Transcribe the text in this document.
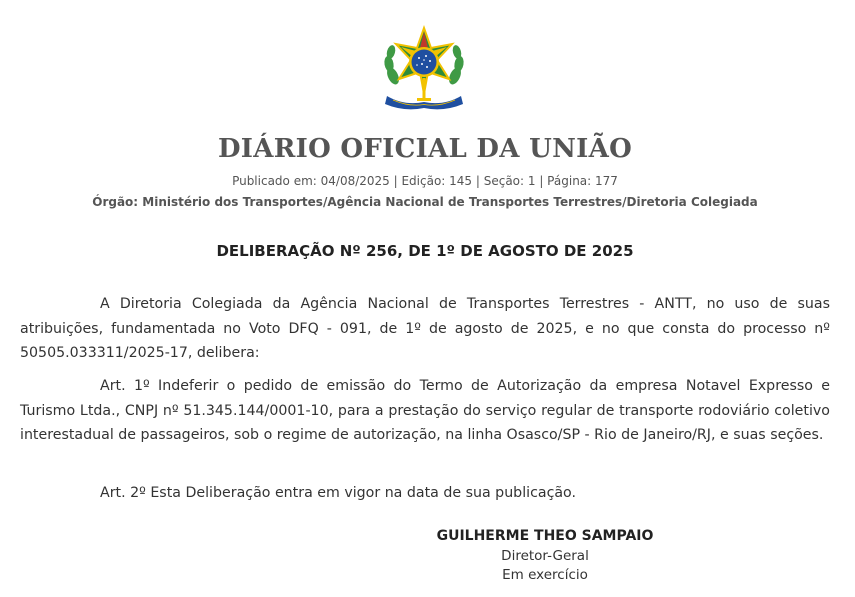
DIÁRIO OFICIAL DA UNIÃO
Publicado em: 04/08/2025 | Edição: 145 | Seção: 1 | Página: 177
Órgão: Ministério dos Transportes/Agência Nacional de Transportes Terrestres/Diretoria Colegiada
DELIBERAÇÃO Nº 256, DE 1º DE AGOSTO DE 2025

A Diretoria Colegiada da Agência Nacional de Transportes Terrestres - ANTT, no uso de suas atribuições, fundamentada no Voto DFQ - 091, de 1º de agosto de 2025, e no que consta do processo nº 50505.033311/2025-17, delibera:

Art. 1º Indeferir o pedido de emissão do Termo de Autorização da empresa Notavel Expresso e Turismo Ltda., CNPJ nº 51.345.144/0001-10, para a prestação do serviço regular de transporte rodoviário coletivo interestadual de passageiros, sob o regime de autorização, na linha Osasco/SP - Rio de Janeiro/RJ, e suas seções.

Art. 2º Esta Deliberação entra em vigor na data de sua publicação.

GUILHERME THEO SAMPAIO
Diretor-Geral
Em exercício
